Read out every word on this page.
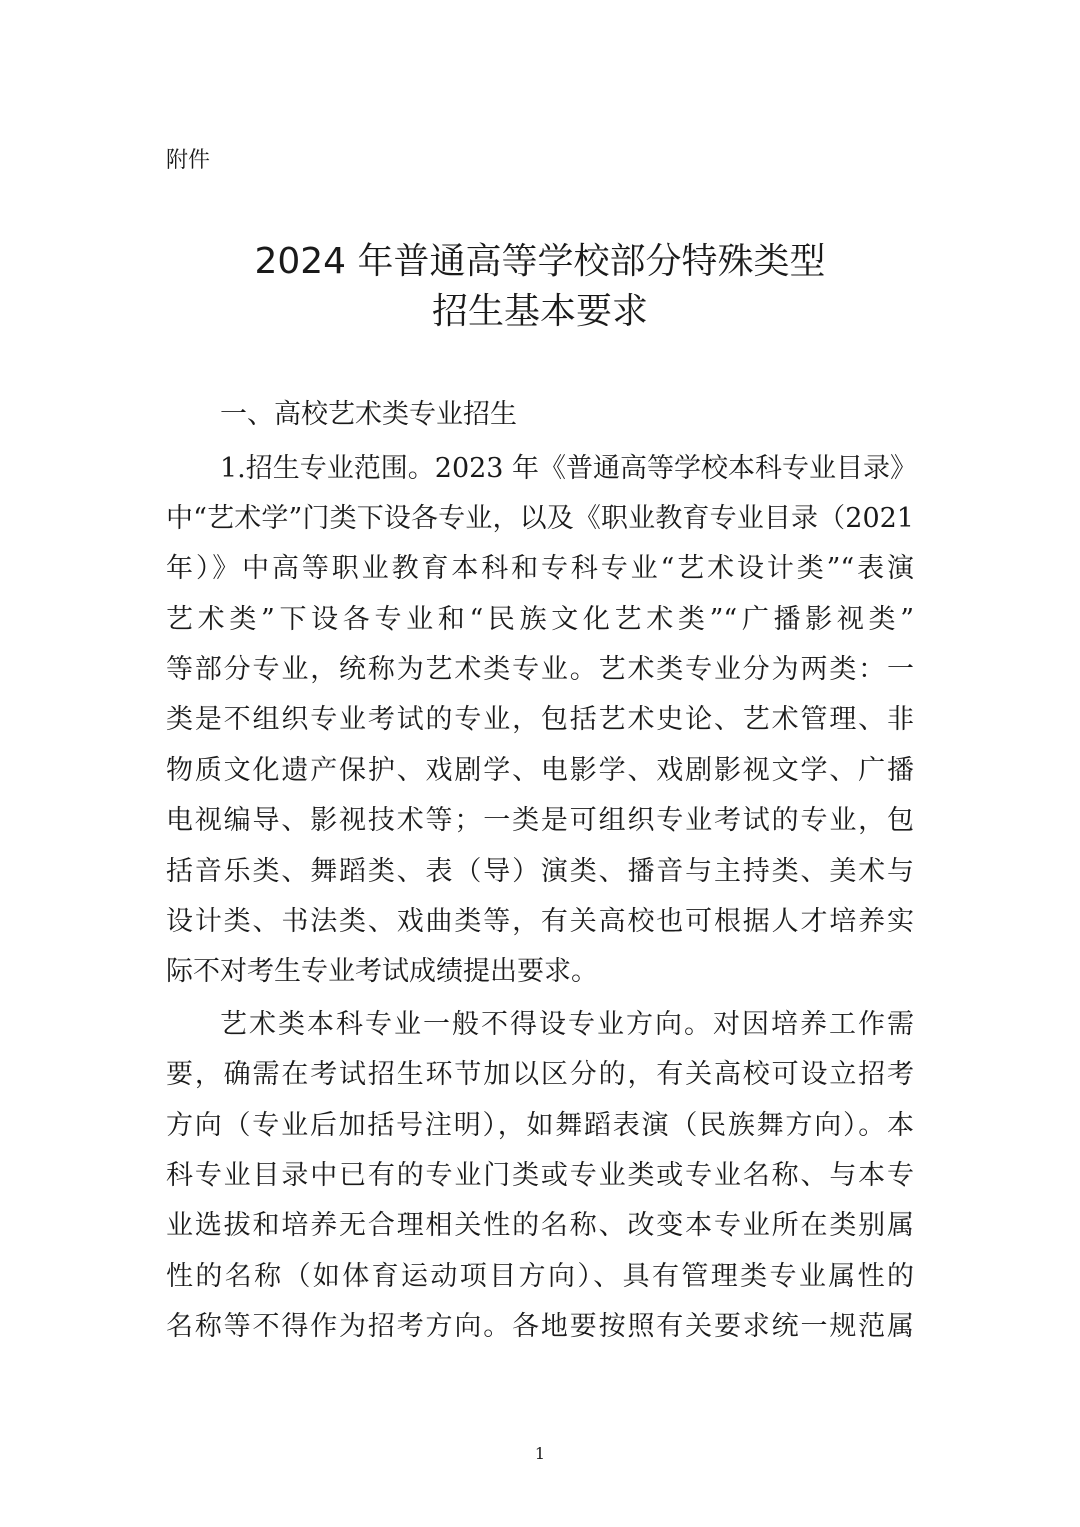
附件
2024 年普通高等学校部分特殊类型
招生基本要求
一、高校艺术类专业招生
1.招生专业范围。2023 年《普通高等学校本科专业目录》
中“艺术学”门类下设各专业，以及《职业教育专业目录（2021
年）》中高等职业教育本科和专科专业“艺术设计类”“表演
艺术类”下设各专业和“民族文化艺术类”“广播影视类”
等部分专业，统称为艺术类专业。艺术类专业分为两类：一
类是不组织专业考试的专业，包括艺术史论、艺术管理、非
物质文化遗产保护、戏剧学、电影学、戏剧影视文学、广播
电视编导、影视技术等；一类是可组织专业考试的专业，包
括音乐类、舞蹈类、表（导）演类、播音与主持类、美术与
设计类、书法类、戏曲类等，有关高校也可根据人才培养实
际不对考生专业考试成绩提出要求。
艺术类本科专业一般不得设专业方向。对因培养工作需
要，确需在考试招生环节加以区分的，有关高校可设立招考
方向（专业后加括号注明），如舞蹈表演（民族舞方向）。本
科专业目录中已有的专业门类或专业类或专业名称、与本专
业选拔和培养无合理相关性的名称、改变本专业所在类别属
性的名称（如体育运动项目方向）、具有管理类专业属性的
名称等不得作为招考方向。各地要按照有关要求统一规范属
1
